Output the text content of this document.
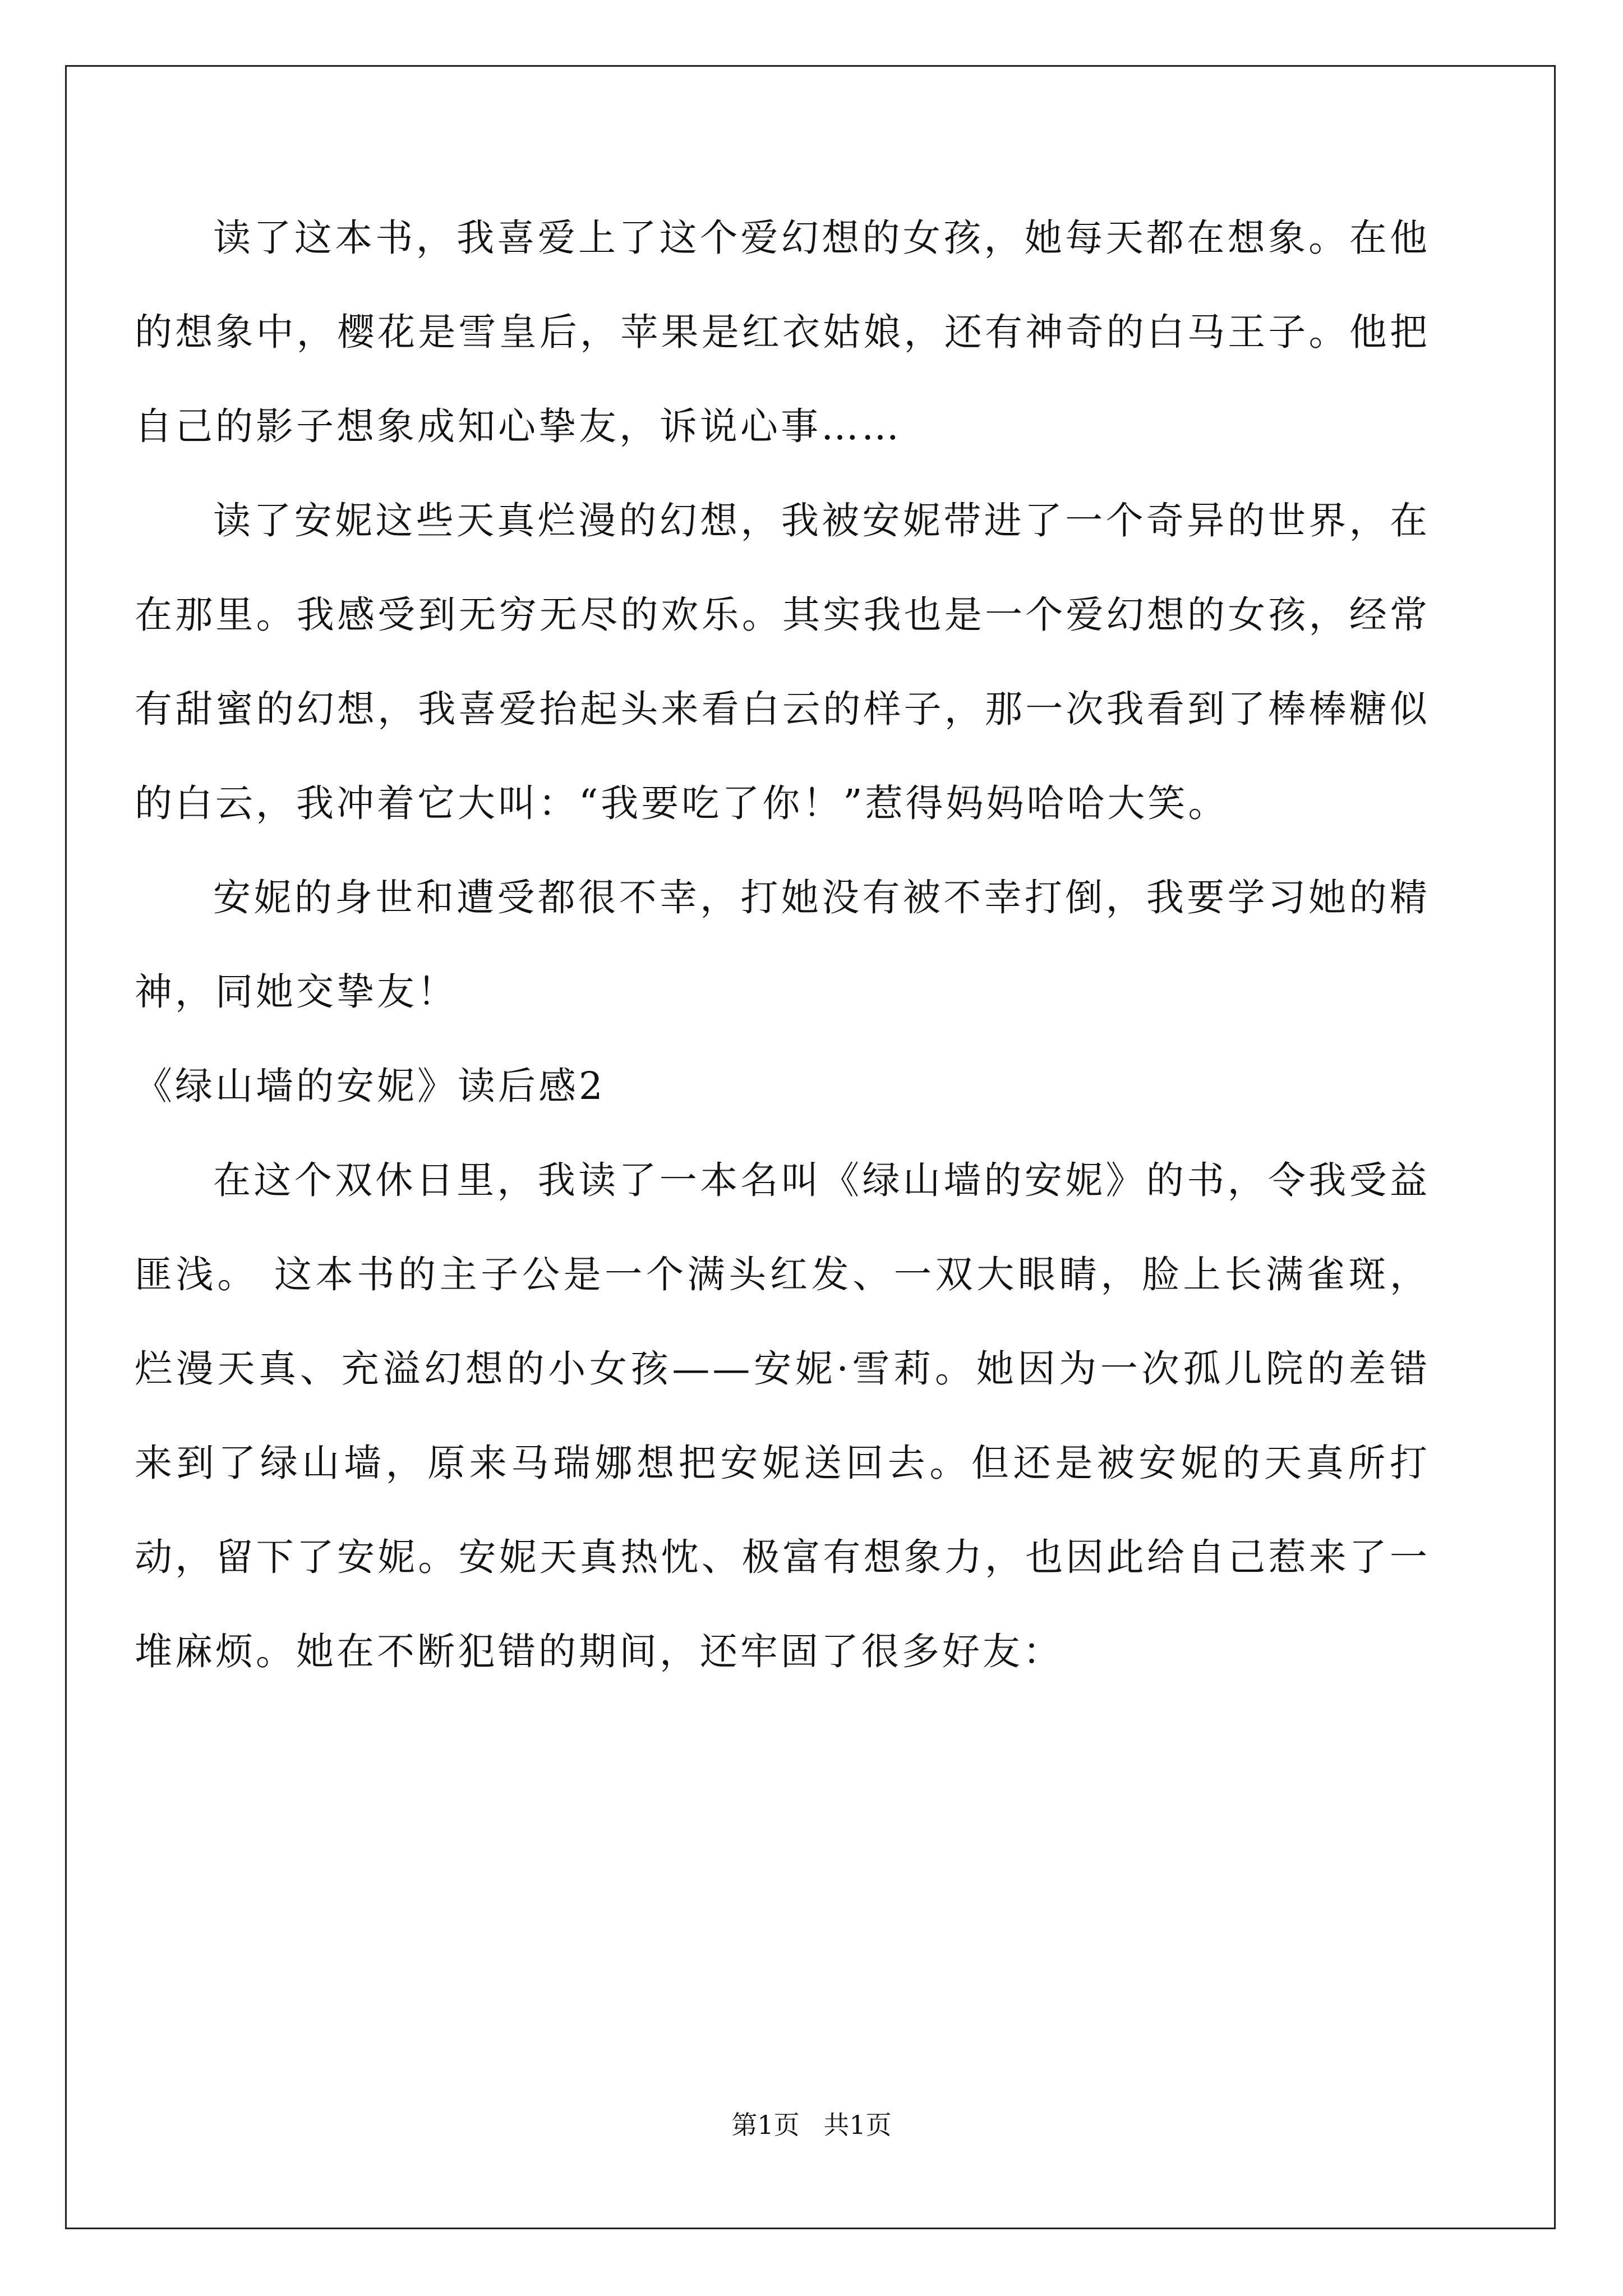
读了这本书，我喜爱上了这个爱幻想的女孩，她每天都在想象。在他的想象中，樱花是雪皇后，苹果是红衣姑娘，还有神奇的白马王子。他把自己的影子想象成知心挚友，诉说心事……

读了安妮这些天真烂漫的幻想，我被安妮带进了一个奇异的世界，在在那里。我感受到无穷无尽的欢乐。其实我也是一个爱幻想的女孩，经常有甜蜜的幻想，我喜爱抬起头来看白云的样子，那一次我看到了棒棒糖似的白云，我冲着它大叫：“我要吃了你！”惹得妈妈哈哈大笑。

安妮的身世和遭受都很不幸，打她没有被不幸打倒，我要学习她的精神，同她交挚友！

《绿山墙的安妮》读后感2

在这个双休日里，我读了一本名叫《绿山墙的安妮》的书，令我受益匪浅。 这本书的主子公是一个满头红发、一双大眼睛，脸上长满雀斑，烂漫天真、充溢幻想的小女孩——安妮·雪莉。她因为一次孤儿院的差错来到了绿山墙，原来马瑞娜想把安妮送回去。但还是被安妮的天真所打动，留下了安妮。安妮天真热忱、极富有想象力，也因此给自己惹来了一堆麻烦。她在不断犯错的期间，还牢固了很多好友：

第1页 共1页
